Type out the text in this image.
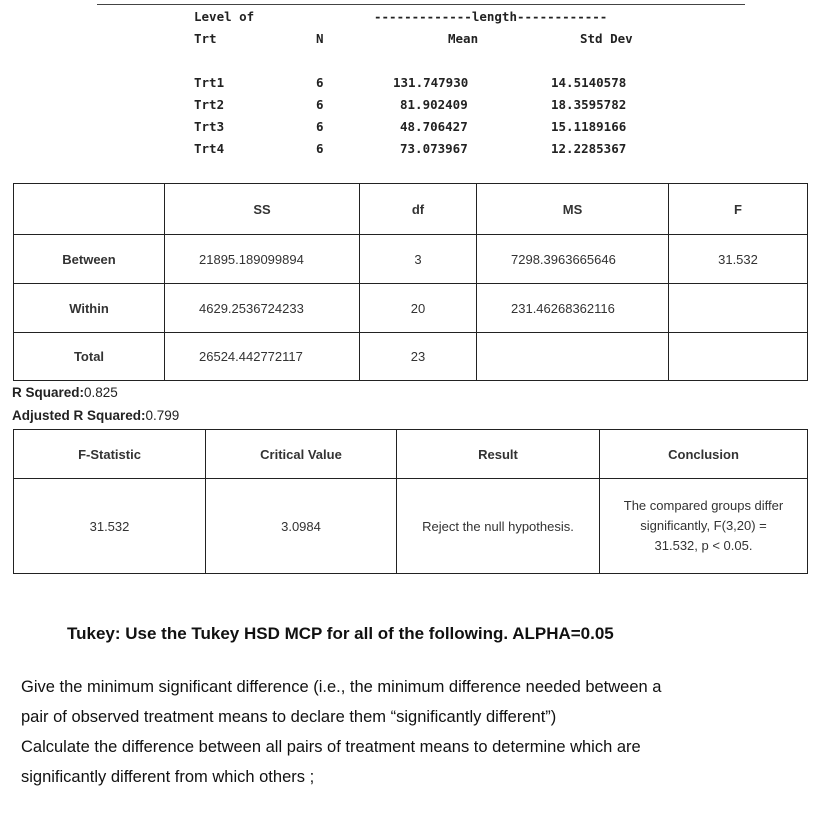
Level of	-------------length------------
Trt	N	Mean	Std Dev
Trt1	6	131.747930	14.5140578
Trt2	6	81.902409	18.3595782
Trt3	6	48.706427	15.1189166
Trt4	6	73.073967	12.2285367
	SS	df	MS	F
Between	21895.189099894	3	7298.3963665646	31.532
Within	4629.2536724233	20	231.46268362116	
Total	26524.442772117	23		
R Squared:0.825
Adjusted R Squared:0.799
F-Statistic	Critical Value	Result	Conclusion
31.532	3.0984	Reject the null hypothesis.	The compared groups differ
significantly, F(3,20) =
31.532, p < 0.05.
Tukey: Use the Tukey HSD MCP for all of the following. ALPHA=0.05
Give the minimum significant difference (i.e., the minimum difference needed between a
pair of observed treatment means to declare them “significantly different”)
Calculate the difference between all pairs of treatment means to determine which are
significantly different from which others ;
